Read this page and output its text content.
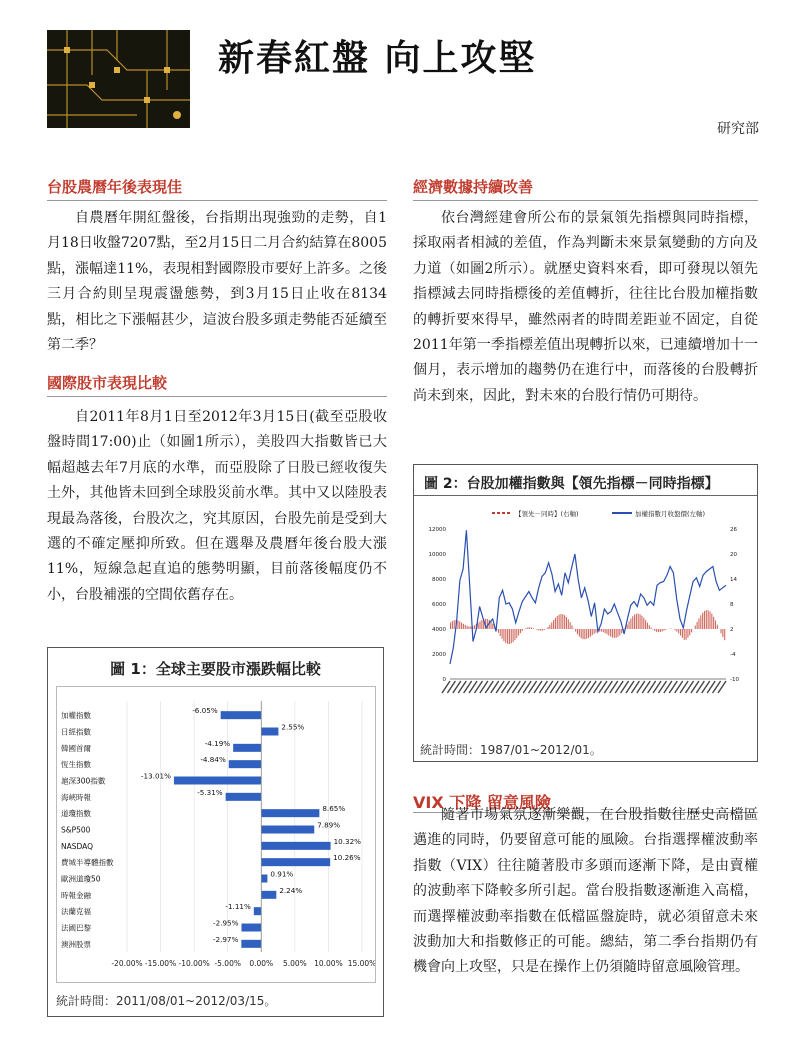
新春紅盤 向上攻堅
研究部
台股農曆年後表現佳
自農曆年開紅盤後，台指期出現強勁的走勢，自1月18日收盤7207點，至2月15日二月合約結算在8005點，漲幅達11%，表現相對國際股市要好上許多。之後三月合約則呈現震盪態勢，到3月15日止收在8134點，相比之下漲幅甚少，這波台股多頭走勢能否延續至第二季？
國際股市表現比較
自2011年8月1日至2012年3月15日(截至亞股收盤時間17:00)止（如圖1所示），美股四大指數皆已大幅超越去年7月底的水準，而亞股除了日股已經收復失土外，其他皆未回到全球股災前水準。其中又以陸股表現最為落後，台股次之，究其原因，台股先前是受到大選的不確定壓抑所致。但在選舉及農曆年後台股大漲11%，短線急起直追的態勢明顯，目前落後幅度仍不小，台股補漲的空間依舊存在。
圖 1：全球主要股市漲跌幅比較
-20.00% -15.00% -10.00% -5.00% 0.00% 5.00% 10.00% 15.00%
加權指數
-6.05%
日經指數
2.55%
韓國首爾
-4.19%
恆生指數
-4.84%
滬深300指數
-13.01%
海峽時報
-5.31%
道瓊指數
8.65%
S&P500
7.89%
NASDAQ
10.32%
費城半導體指數
10.26%
歐洲道瓊50
0.91%
時報金融
2.24%
法蘭克福
-1.11%
法國巴黎
-2.95%
澳洲股票
-2.97%
統計時間：2011/08/01~2012/03/15。
經濟數據持續改善
依台灣經建會所公布的景氣領先指標與同時指標，採取兩者相減的差值，作為判斷未來景氣變動的方向及力道（如圖2所示）。就歷史資料來看，即可發現以領先指標減去同時指標後的差值轉折，往往比台股加權指數的轉折要來得早，雖然兩者的時間差距並不固定，自從2011年第一季指標差值出現轉折以來，已連續增加十一個月，表示增加的趨勢仍在進行中，而落後的台股轉折尚未到來，因此，對未來的台股行情仍可期待。
圖 2：台股加權指數與【領先指標－同時指標】
【領先－同時】(右軸)	加權指數月收盤價(左軸)
12000
10000
8000
6000
4000
2000
0
26
20
14
8
2
-4
-10
統計時間：1987/01~2012/01。
VIX 下降 留意風險
隨著市場氣氛逐漸樂觀，在台股指數往歷史高檔區邁進的同時，仍要留意可能的風險。台指選擇權波動率指數（VIX）往往隨著股市多頭而逐漸下降，是由賣權的波動率下降較多所引起。當台股指數逐漸進入高檔，而選擇權波動率指數在低檔區盤旋時，就必須留意未來波動加大和指數修正的可能。總結，第二季台指期仍有機會向上攻堅，只是在操作上仍須隨時留意風險管理。
